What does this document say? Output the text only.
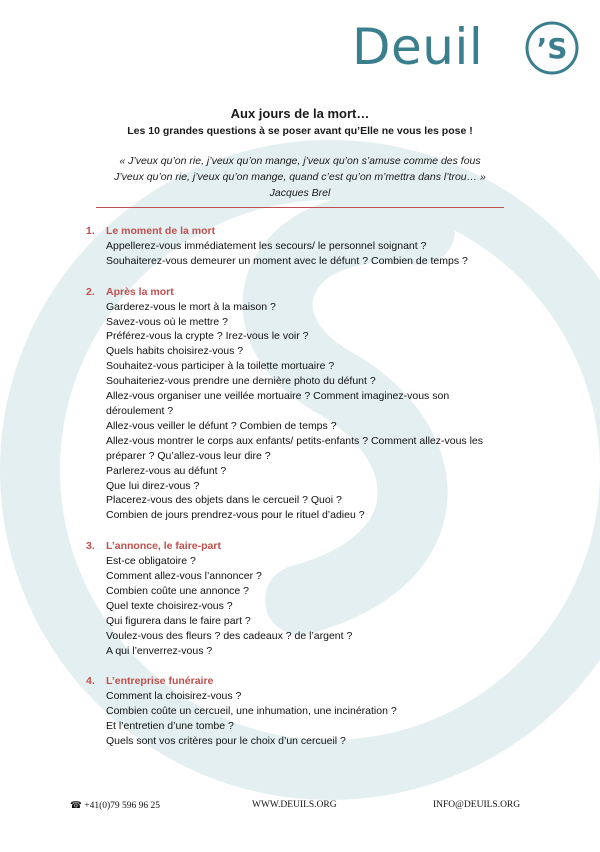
Deuil ’S
Aux jours de la mort…
Les 10 grandes questions à se poser avant qu’Elle ne vous les pose !
« J’veux qu’on rie, j’veux qu’on mange, j’veux qu’on s’amuse comme des fous
J’veux qu’on rie, j’veux qu’on mange, quand c’est qu’on m’mettra dans l’trou… »
Jacques Brel
1.	Le moment de la mort
Appellerez-vous immédiatement les secours/ le personnel soignant ?
Souhaiterez-vous demeurer un moment avec le défunt ? Combien de temps ?
2.	Après la mort
Garderez-vous le mort à la maison ?
Savez-vous où le mettre ?
Préférez-vous la crypte ? Irez-vous le voir ?
Quels habits choisirez-vous ?
Souhaitez-vous participer à la toilette mortuaire ?
Souhaiteriez-vous prendre une dernière photo du défunt ?
Allez-vous organiser une veillée mortuaire ? Comment imaginez-vous son
déroulement ?
Allez-vous veiller le défunt ? Combien de temps ?
Allez-vous montrer le corps aux enfants/ petits-enfants ? Comment allez-vous les
préparer ? Qu’allez-vous leur dire ?
Parlerez-vous au défunt ?
Que lui direz-vous ?
Placerez-vous des objets dans le cercueil ? Quoi ?
Combien de jours prendrez-vous pour le rituel d’adieu ?
3.	L’annonce, le faire-part
Est-ce obligatoire ?
Comment allez-vous l’annoncer ?
Combien coûte une annonce ?
Quel texte choisirez-vous ?
Qui figurera dans le faire part ?
Voulez-vous des fleurs ? des cadeaux ? de l’argent ?
A qui l’enverrez-vous ?
4.	L’entreprise funéraire
Comment la choisirez-vous ?
Combien coûte un cercueil, une inhumation, une incinération ?
Et l’entretien d’une tombe ?
Quels sont vos critères pour le choix d’un cercueil ?
☎ +41(0)79 596 96 25	WWW.DEUILS.ORG	INFO@DEUILS.ORG
